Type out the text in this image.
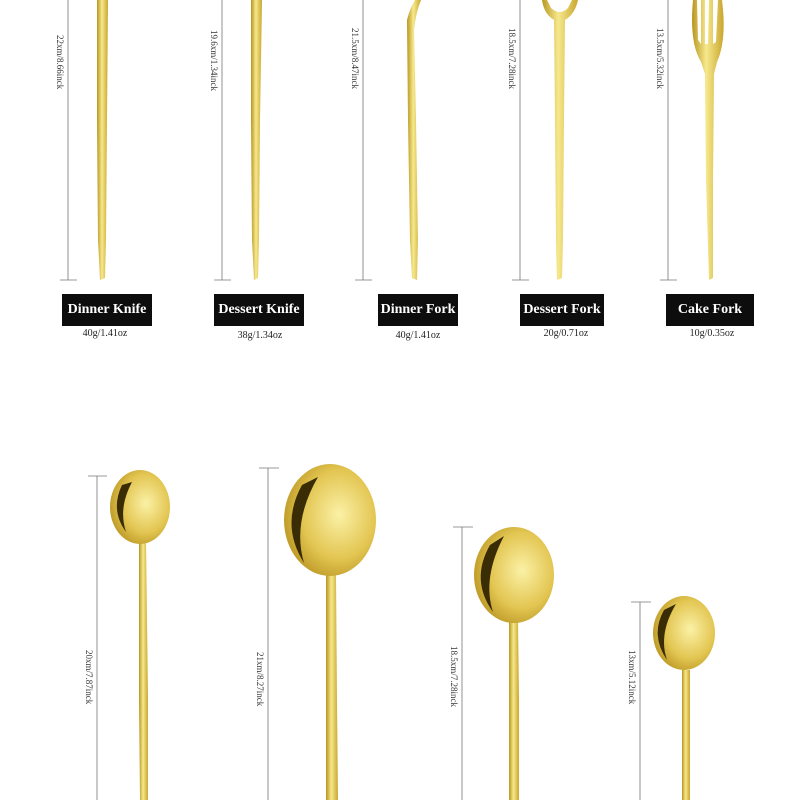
22xm/8.66inck	19.6xm/1.34inck	21.5xm/8.47inck	18.5xm/7.28inck	13.5xm/5.32inck
Dinner Knife	Dessert Knife	Dinner Fork	Dessert Fork	Cake Fork
40g/1.41oz	38g/1.34oz	40g/1.41oz	20g/0.71oz	10g/0.35oz
20xm/7.87inck	21xm/8.27inck	18.5xm/7.28inck	13xm/5.12inck
